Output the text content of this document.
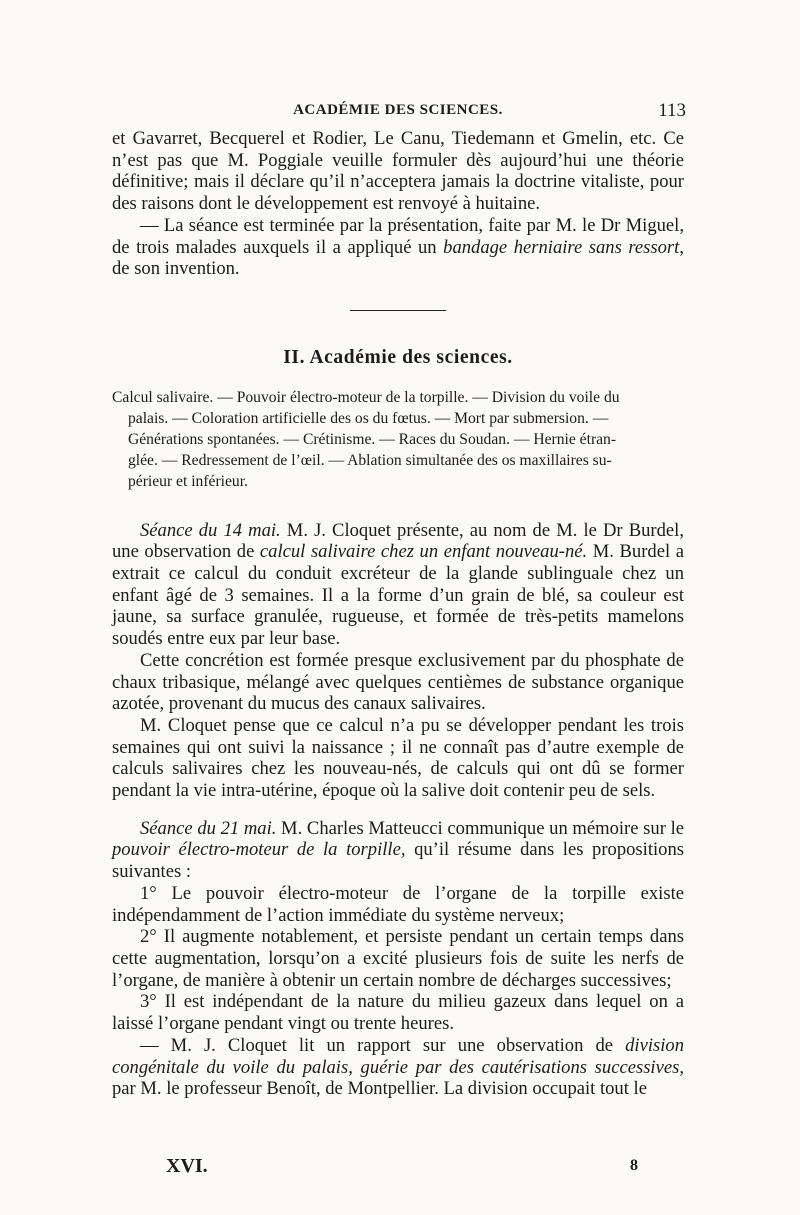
ACADÉMIE DES SCIENCES.	113

et Gavarret, Becquerel et Rodier, Le Canu, Tiedemann et Gmelin, etc. Ce n’est pas que M. Poggiale veuille formuler dès aujourd’hui une théorie définitive; mais il déclare qu’il n’acceptera jamais la doctrine vitaliste, pour des raisons dont le développement est renvoyé à huitaine.

— La séance est terminée par la présentation, faite par M. le Dr Miguel, de trois malades auxquels il a appliqué un bandage herniaire sans ressort, de son invention.

II. Académie des sciences.
Calcul salivaire. — Pouvoir électro-moteur de la torpille. — Division du voile du
palais. — Coloration artificielle des os du fœtus. — Mort par submersion. —
Générations spontanées. — Crétinisme. — Races du Soudan. — Hernie étran-
glée. — Redressement de l’œil. — Ablation simultanée des os maxillaires su-
périeur et inférieur.

Séance du 14 mai. M. J. Cloquet présente, au nom de M. le Dr Burdel, une observation de calcul salivaire chez un enfant nouveau-né. M. Burdel a extrait ce calcul du conduit excréteur de la glande sublinguale chez un enfant âgé de 3 semaines. Il a la forme d’un grain de blé, sa couleur est jaune, sa surface granulée, rugueuse, et formée de très-petits mamelons soudés entre eux par leur base.

Cette concrétion est formée presque exclusivement par du phosphate de chaux tribasique, mélangé avec quelques centièmes de substance organique azotée, provenant du mucus des canaux salivaires.

M. Cloquet pense que ce calcul n’a pu se développer pendant les trois semaines qui ont suivi la naissance ; il ne connaît pas d’autre exemple de calculs salivaires chez les nouveau-nés, de calculs qui ont dû se former pendant la vie intra-utérine, époque où la salive doit contenir peu de sels.

Séance du 21 mai. M. Charles Matteucci communique un mémoire sur le pouvoir électro-moteur de la torpille, qu’il résume dans les propositions suivantes :

1° Le pouvoir électro-moteur de l’organe de la torpille existe indépendamment de l’action immédiate du système nerveux;

2° Il augmente notablement, et persiste pendant un certain temps dans cette augmentation, lorsqu’on a excité plusieurs fois de suite les nerfs de l’organe, de manière à obtenir un certain nombre de décharges successives;

3° Il est indépendant de la nature du milieu gazeux dans lequel on a laissé l’organe pendant vingt ou trente heures.

— M. J. Cloquet lit un rapport sur une observation de division congénitale du voile du palais, guérie par des cautérisations successives, par M. le professeur Benoît, de Montpellier. La division occupait tout le

XVI.	8
